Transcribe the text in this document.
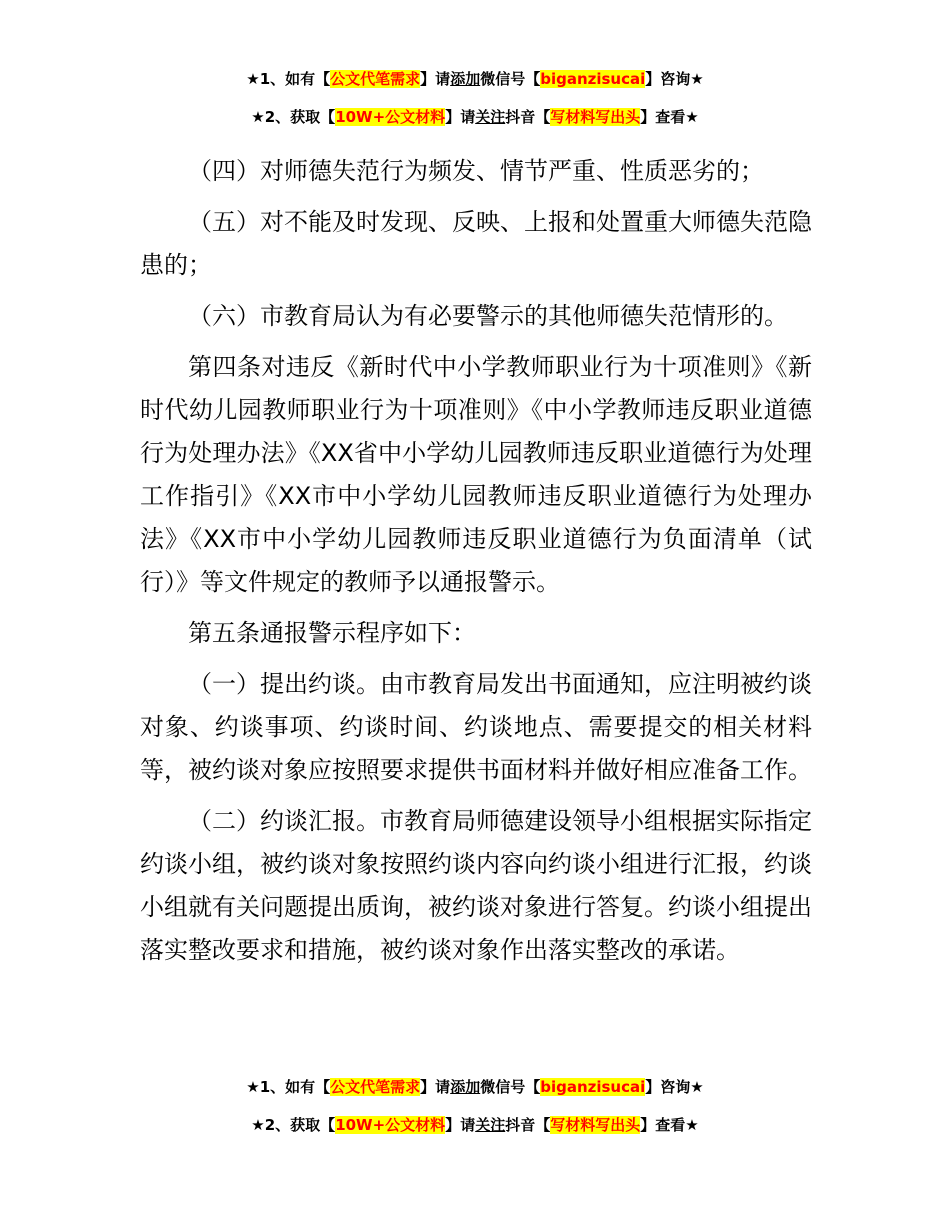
★1、如有【公文代笔需求】请添加微信号【biganzisucai】咨询★
★2、获取【10W+公文材料】请关注抖音【写材料写出头】查看★

（四）对师德失范行为频发、情节严重、性质恶劣的；

（五）对不能及时发现、反映、上报和处置重大师德失范隐患的；

（六）市教育局认为有必要警示的其他师德失范情形的。

第四条对违反《新时代中小学教师职业行为十项准则》《新时代幼儿园教师职业行为十项准则》《中小学教师违反职业道德行为处理办法》《XX省中小学幼儿园教师违反职业道德行为处理工作指引》《XX市中小学幼儿园教师违反职业道德行为处理办法》《XX市中小学幼儿园教师违反职业道德行为负面清单（试行）》等文件规定的教师予以通报警示。

第五条通报警示程序如下：

（一）提出约谈。由市教育局发出书面通知，应注明被约谈对象、约谈事项、约谈时间、约谈地点、需要提交的相关材料等，被约谈对象应按照要求提供书面材料并做好相应准备工作。

（二）约谈汇报。市教育局师德建设领导小组根据实际指定约谈小组，被约谈对象按照约谈内容向约谈小组进行汇报，约谈小组就有关问题提出质询，被约谈对象进行答复。约谈小组提出落实整改要求和措施，被约谈对象作出落实整改的承诺。

★1、如有【公文代笔需求】请添加微信号【biganzisucai】咨询★
★2、获取【10W+公文材料】请关注抖音【写材料写出头】查看★
